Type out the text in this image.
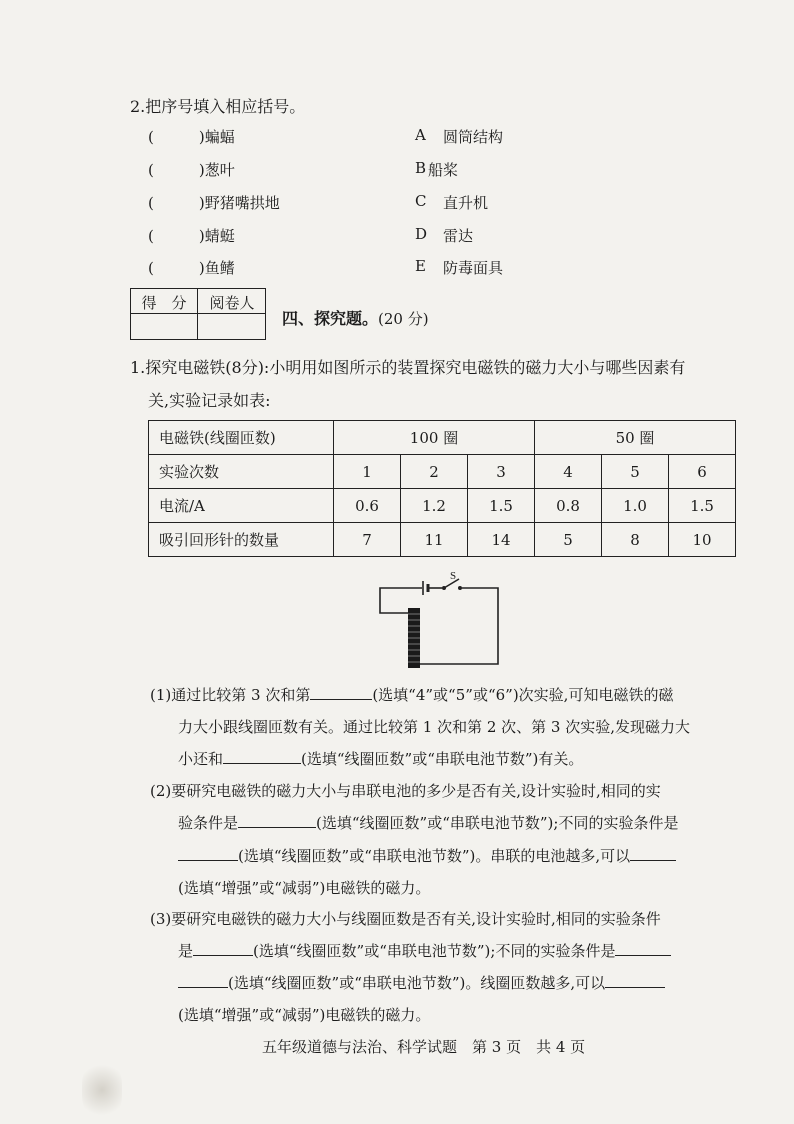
2.把序号填入相应括号。
(　　　)蝙蝠	A 圆筒结构
(　　　)葱叶	B 船桨
(　　　)野猪嘴拱地	C 直升机
(　　　)蜻蜓	D 雷达
(　　　)鱼鳍	E 防毒面具
得　分	阅卷人
四、探究题。(20 分)
1.探究电磁铁(8分):小明用如图所示的装置探究电磁铁的磁力大小与哪些因素有
关,实验记录如表:
电磁铁(线圈匝数)	100 圈			50 圈		
实验次数	1	2	3	4	5	6
电流/A	0.6	1.2	1.5	0.8	1.0	1.5
吸引回形针的数量	7	11	14	5	8	10
S
(1)通过比较第 3 次和第	(选填“4”或“5”或“6”)次实验,可知电磁铁的磁
力大小跟线圈匝数有关。通过比较第 1 次和第 2 次、第 3 次实验,发现磁力大
小还和	(选填“线圈匝数”或“串联电池节数”)有关。
(2)要研究电磁铁的磁力大小与串联电池的多少是否有关,设计实验时,相同的实
验条件是	(选填“线圈匝数”或“串联电池节数”);不同的实验条件是
(选填“线圈匝数”或“串联电池节数”)。串联的电池越多,可以
(选填“增强”或“减弱”)电磁铁的磁力。
(3)要研究电磁铁的磁力大小与线圈匝数是否有关,设计实验时,相同的实验条件
是	(选填“线圈匝数”或“串联电池节数”);不同的实验条件是
(选填“线圈匝数”或“串联电池节数”)。线圈匝数越多,可以
(选填“增强”或“减弱”)电磁铁的磁力。
五年级道德与法治、科学试题　第 3 页　共 4 页
